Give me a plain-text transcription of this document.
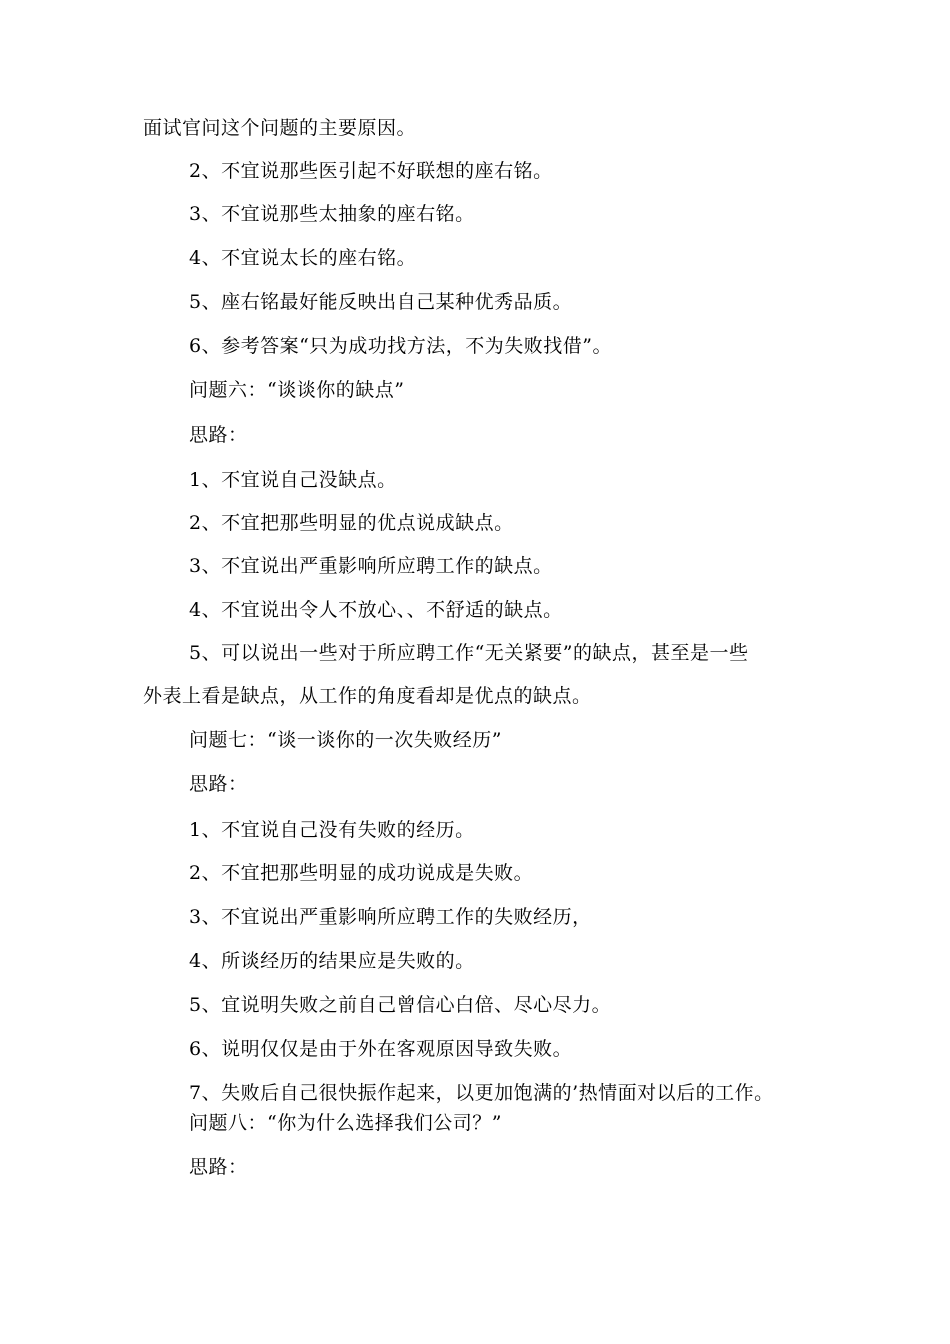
面试官问这个问题的主要原因。
2、不宜说那些医引起不好联想的座右铭。
3、不宜说那些太抽象的座右铭。
4、不宜说太长的座右铭。
5、座右铭最好能反映出自己某种优秀品质。
6、参考答案“只为成功找方法，不为失败找借”。
问题六：“谈谈你的缺点”
思路：
1、不宜说自己没缺点。
2、不宜把那些明显的优点说成缺点。
3、不宜说出严重影响所应聘工作的缺点。
4、不宜说出令人不放心、、不舒适的缺点。
5、可以说出一些对于所应聘工作“无关紧要”的缺点，甚至是一些
外表上看是缺点，从工作的角度看却是优点的缺点。
问题七：“谈一谈你的一次失败经历”
思路：
1、不宜说自己没有失败的经历。
2、不宜把那些明显的成功说成是失败。
3、不宜说出严重影响所应聘工作的失败经历，
4、所谈经历的结果应是失败的。
5、宜说明失败之前自己曾信心白倍、尽心尽力。
6、说明仅仅是由于外在客观原因导致失败。
7、失败后自己很快振作起来，以更加饱满的’热情面对以后的工作。
问题八：“你为什么选择我们公司？”
思路：
